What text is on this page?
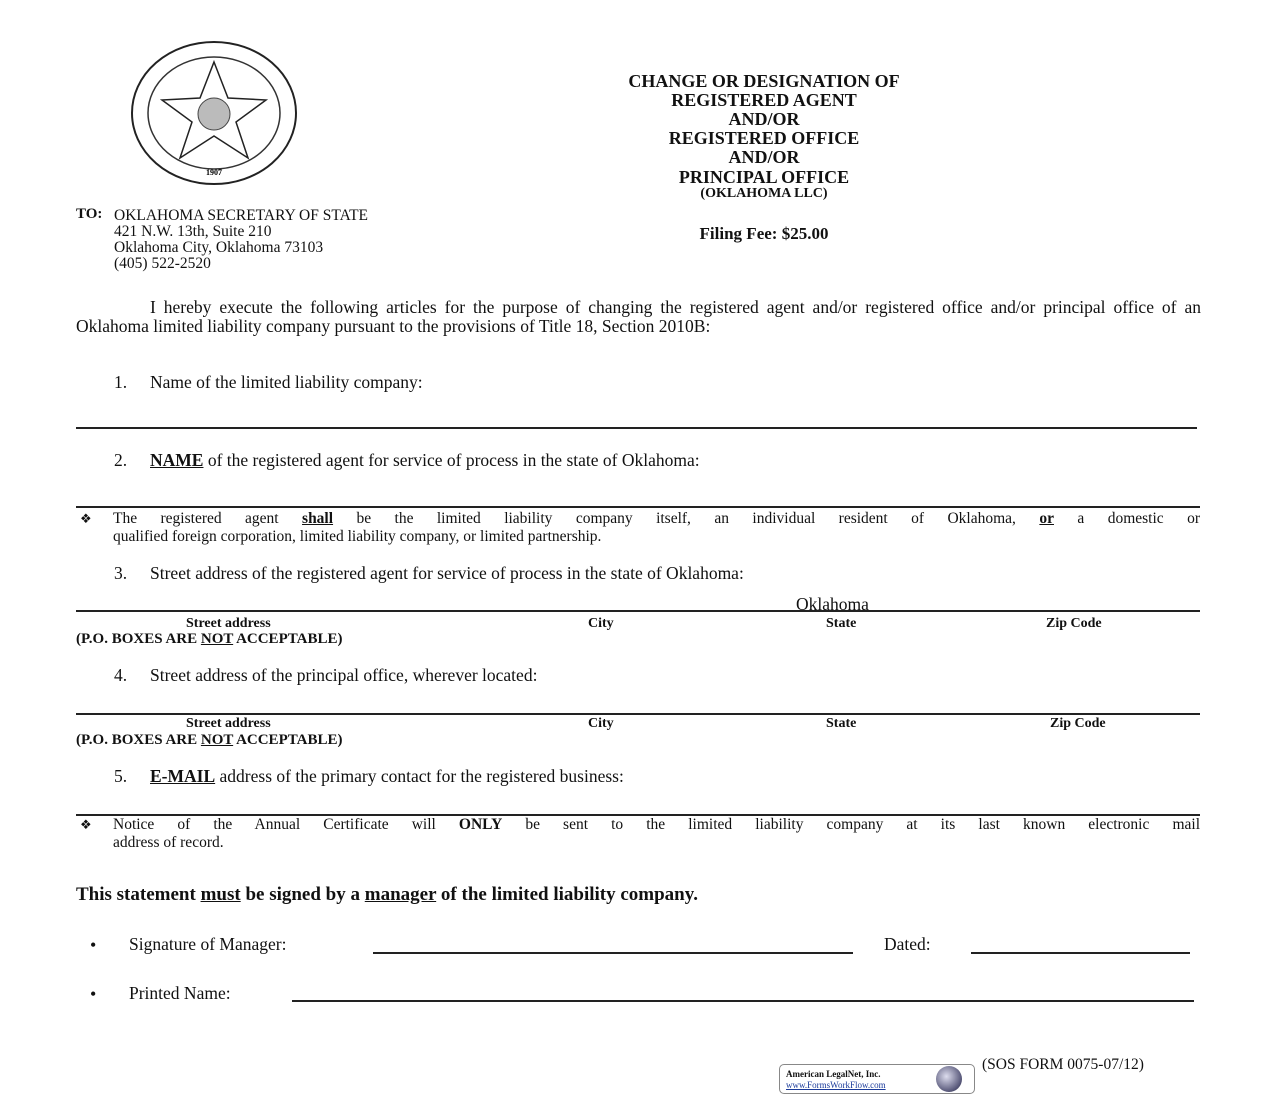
1907
CHANGE OR DESIGNATION OF
REGISTERED AGENT
AND/OR
REGISTERED OFFICE
AND/OR
PRINCIPAL OFFICE
(OKLAHOMA LLC)
Filing Fee: $25.00
TO: OKLAHOMA SECRETARY OF STATE
421 N.W. 13th, Suite 210
Oklahoma City, Oklahoma 73103
(405) 522-2520
I hereby execute the following articles for the purpose of changing the registered agent and/or registered office and/or principal office of an Oklahoma limited liability company pursuant to the provisions of Title 18, Section 2010B:
1. Name of the limited liability company:
2. NAME of the registered agent for service of process in the state of Oklahoma:
❖ The registered agent shall be the limited liability company itself, an individual resident of Oklahoma, or a domestic or
qualified foreign corporation, limited liability company, or limited partnership.
3. Street address of the registered agent for service of process in the state of Oklahoma:
Oklahoma
Street address	City	State	Zip Code
(P.O. BOXES ARE NOT ACCEPTABLE)
4. Street address of the principal office, wherever located:
Street address	City	State	Zip Code
(P.O. BOXES ARE NOT ACCEPTABLE)
5. E-MAIL address of the primary contact for the registered business:
❖ Notice of the Annual Certificate will ONLY be sent to the limited liability company at its last known electronic mail
address of record.
This statement must be signed by a manager of the limited liability company.
• Signature of Manager:	Dated:
• Printed Name:
American LegalNet, Inc.
www.FormsWorkFlow.com
(SOS FORM 0075-07/12)
